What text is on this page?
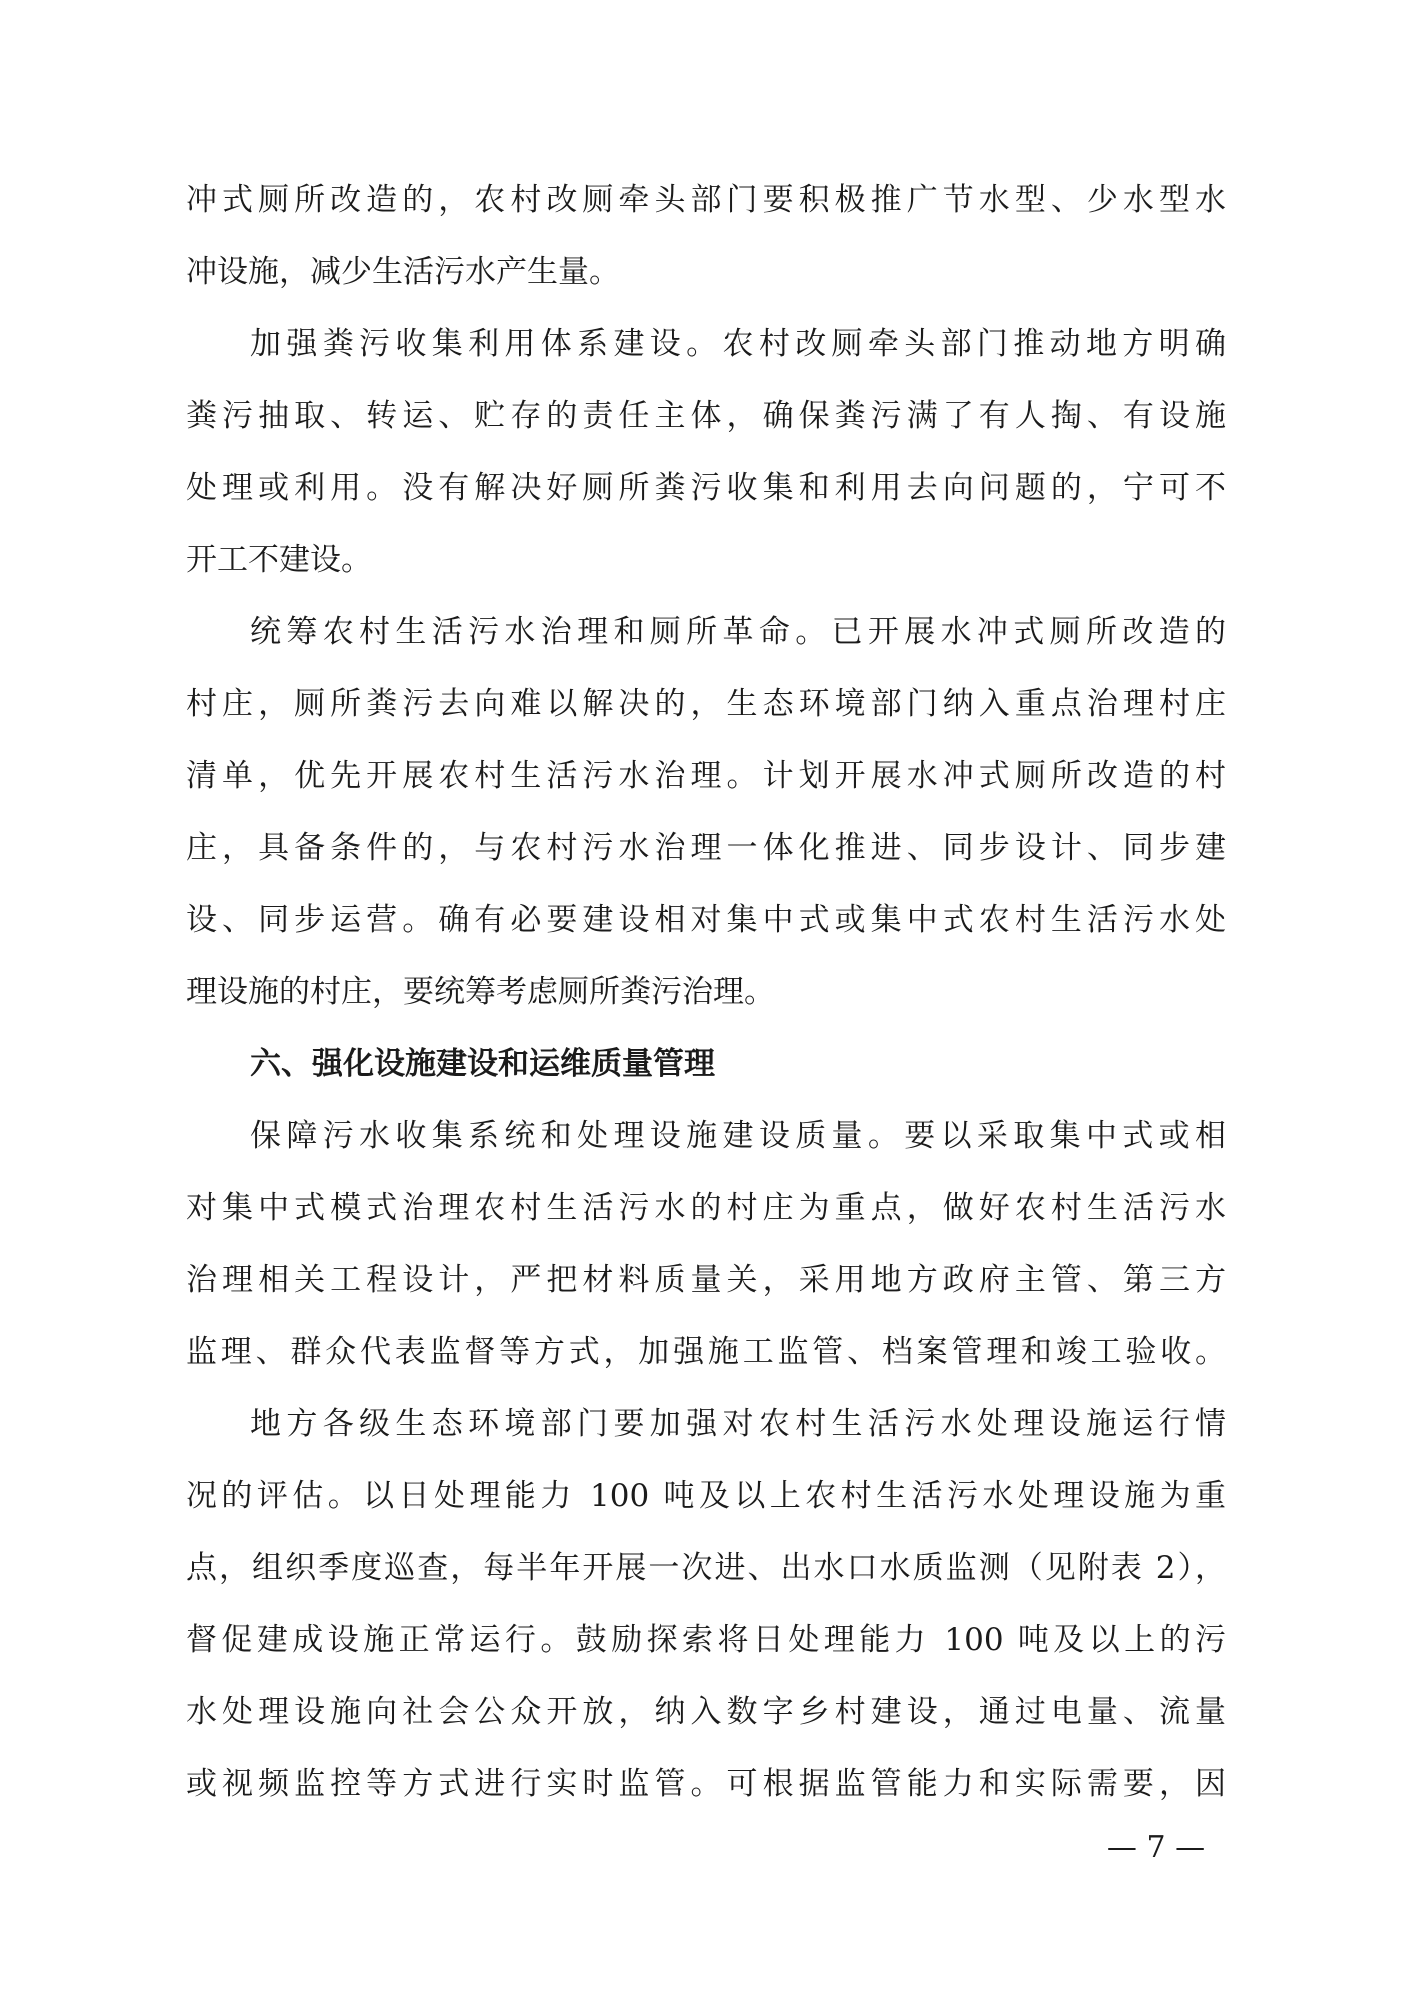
冲式厕所改造的，农村改厕牵头部门要积极推广节水型、少水型水
冲设施，减少生活污水产生量。
加强粪污收集利用体系建设。农村改厕牵头部门推动地方明确
粪污抽取、转运、贮存的责任主体，确保粪污满了有人掏、有设施
处理或利用。没有解决好厕所粪污收集和利用去向问题的，宁可不
开工不建设。
统筹农村生活污水治理和厕所革命。已开展水冲式厕所改造的
村庄，厕所粪污去向难以解决的，生态环境部门纳入重点治理村庄
清单，优先开展农村生活污水治理。计划开展水冲式厕所改造的村
庄，具备条件的，与农村污水治理一体化推进、同步设计、同步建
设、同步运营。确有必要建设相对集中式或集中式农村生活污水处
理设施的村庄，要统筹考虑厕所粪污治理。
六、强化设施建设和运维质量管理
保障污水收集系统和处理设施建设质量。要以采取集中式或相
对集中式模式治理农村生活污水的村庄为重点，做好农村生活污水
治理相关工程设计，严把材料质量关，采用地方政府主管、第三方
监理、群众代表监督等方式，加强施工监管、档案管理和竣工验收。
地方各级生态环境部门要加强对农村生活污水处理设施运行情
况的评估。以日处理能力 100 吨及以上农村生活污水处理设施为重
点，组织季度巡查，每半年开展一次进、出水口水质监测（见附表 2），
督促建成设施正常运行。鼓励探索将日处理能力 100 吨及以上的污
水处理设施向社会公众开放，纳入数字乡村建设，通过电量、流量
或视频监控等方式进行实时监管。可根据监管能力和实际需要，因
— 7 —
